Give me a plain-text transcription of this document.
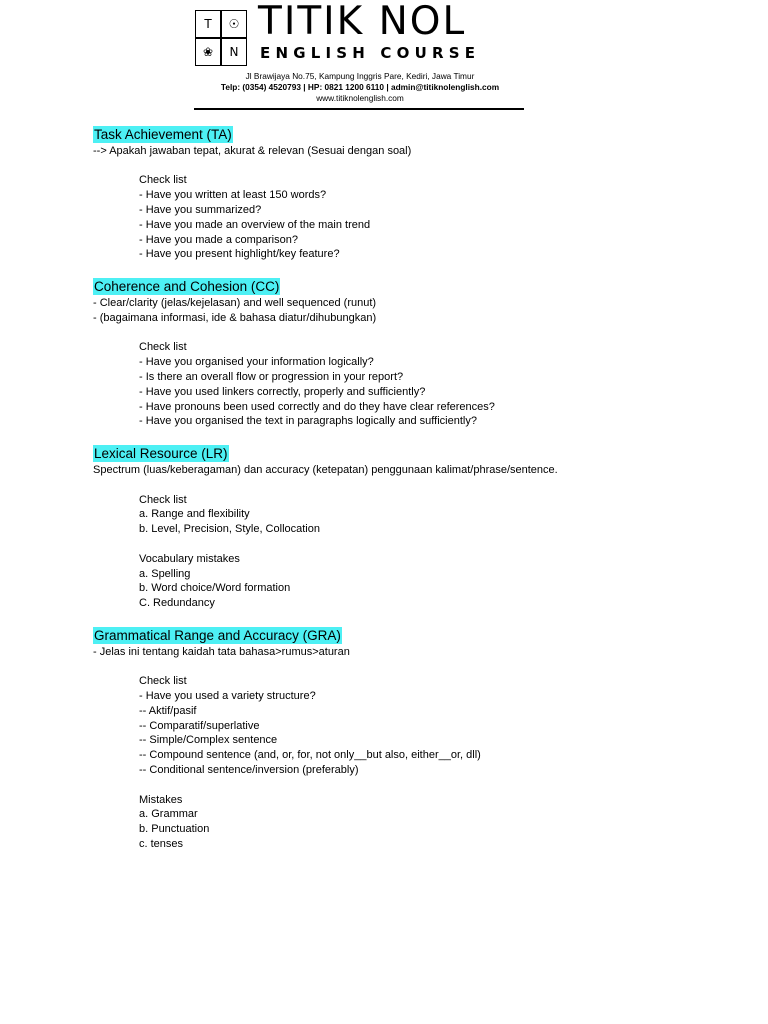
T	☉
❀	N
TITIK NOL
ENGLISH COURSE
Jl Brawijaya No.75, Kampung Inggris Pare, Kediri, Jawa Timur
Telp: (0354) 4520793 | HP: 0821 1200 6110 | admin@titiknolenglish.com
www.titiknolenglish.com
Task Achievement (TA)
--> Apakah jawaban tepat, akurat & relevan (Sesuai dengan soal)
Check list
- Have you written at least 150 words?
- Have you summarized?
- Have you made an overview of the main trend
- Have you made a comparison?
- Have you present highlight/key feature?
Coherence and Cohesion (CC)
- Clear/clarity (jelas/kejelasan) and well sequenced (runut)
- (bagaimana informasi, ide & bahasa diatur/dihubungkan)
Check list
- Have you organised your information logically?
- Is there an overall flow or progression in your report?
- Have you used linkers correctly, properly and sufficiently?
- Have pronouns been used correctly and do they have clear references?
- Have you organised the text in paragraphs logically and sufficiently?
Lexical Resource (LR)
Spectrum (luas/keberagaman) dan accuracy (ketepatan) penggunaan kalimat/phrase/sentence.
Check list
a. Range and flexibility
b. Level, Precision, Style, Collocation
Vocabulary mistakes
a. Spelling
b. Word choice/Word formation
C. Redundancy
Grammatical Range and Accuracy (GRA)
- Jelas ini tentang kaidah tata bahasa>rumus>aturan
Check list
- Have you used a variety structure?
-- Aktif/pasif
-- Comparatif/superlative
-- Simple/Complex sentence
-- Compound sentence (and, or, for, not only__but also, either__or, dll)
-- Conditional sentence/inversion (preferably)
Mistakes
a. Grammar
b. Punctuation
c. tenses
